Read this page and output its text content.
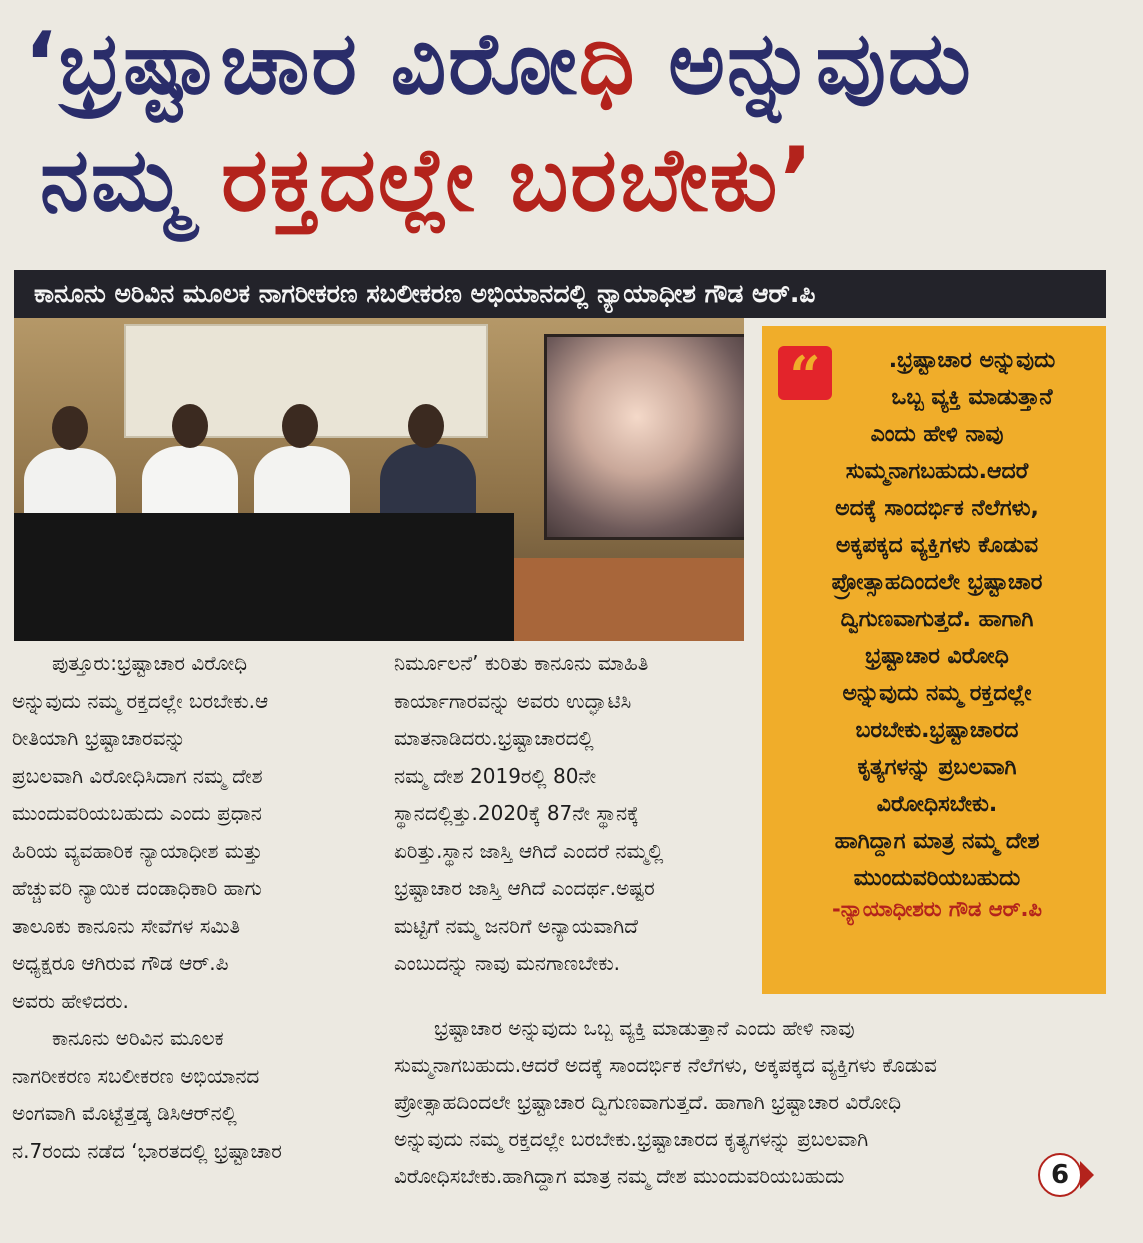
‘ಭ್ರಷ್ಟಾಚಾರ ವಿರೋಧಿ ಅನ್ನುವುದು
ನಮ್ಮ ರಕ್ತದಲ್ಲೇ ಬರಬೇಕು’
ಕಾನೂನು ಅರಿವಿನ ಮೂಲಕ ನಾಗರೀಕರಣ ಸಬಲೀಕರಣ ಅಭಿಯಾನದಲ್ಲಿ ನ್ಯಾಯಾಧೀಶ ಗೌಡ ಆರ್.ಪಿ
“	.ಭ್ರಷ್ಟಾಚಾರ ಅನ್ನುವುದು
ಒಬ್ಬ ವ್ಯಕ್ತಿ ಮಾಡುತ್ತಾನೆ
ಎಂದು ಹೇಳಿ ನಾವು
ಸುಮ್ಮನಾಗಬಹುದು.ಆದರೆ
ಅದಕ್ಕೆ ಸಾಂದರ್ಭಿಕ ನೆಲೆಗಳು,
ಅಕ್ಕಪಕ್ಕದ ವ್ಯಕ್ತಿಗಳು ಕೊಡುವ
ಪ್ರೋತ್ಸಾಹದಿಂದಲೇ ಭ್ರಷ್ಟಾಚಾರ
ದ್ವಿಗುಣವಾಗುತ್ತದೆ. ಹಾಗಾಗಿ
ಭ್ರಷ್ಟಾಚಾರ ವಿರೋಧಿ
ಅನ್ನುವುದು ನಮ್ಮ ರಕ್ತದಲ್ಲೇ
ಬರಬೇಕು.ಭ್ರಷ್ಟಾಚಾರದ
ಕೃತ್ಯಗಳನ್ನು ಪ್ರಬಲವಾಗಿ
ವಿರೋಧಿಸಬೇಕು.
ಹಾಗಿದ್ದಾಗ ಮಾತ್ರ ನಮ್ಮ ದೇಶ
ಮುಂದುವರಿಯಬಹುದು
-ನ್ಯಾಯಾಧೀಶರು ಗೌಡ ಆರ್.ಪಿ
ಪುತ್ತೂರು:ಭ್ರಷ್ಟಾಚಾರ ವಿರೋಧಿ
ಅನ್ನುವುದು ನಮ್ಮ ರಕ್ತದಲ್ಲೇ ಬರಬೇಕು.ಆ
ರೀತಿಯಾಗಿ ಭ್ರಷ್ಟಾಚಾರವನ್ನು
ಪ್ರಬಲವಾಗಿ ವಿರೋಧಿಸಿದಾಗ ನಮ್ಮ ದೇಶ
ಮುಂದುವರಿಯಬಹುದು ಎಂದು ಪ್ರಧಾನ
ಹಿರಿಯ ವ್ಯವಹಾರಿಕ ನ್ಯಾಯಾಧೀಶ ಮತ್ತು
ಹೆಚ್ಚುವರಿ ನ್ಯಾಯಿಕ ದಂಡಾಧಿಕಾರಿ ಹಾಗು
ತಾಲೂಕು ಕಾನೂನು ಸೇವೆಗಳ ಸಮಿತಿ
ಅಧ್ಯಕ್ಷರೂ ಆಗಿರುವ ಗೌಡ ಆರ್.ಪಿ
ಅವರು ಹೇಳಿದರು.
ಕಾನೂನು ಅರಿವಿನ ಮೂಲಕ
ನಾಗರೀಕರಣ ಸಬಲೀಕರಣ ಅಭಿಯಾನದ
ಅಂಗವಾಗಿ ಮೊಟ್ಟೆತ್ತಡ್ಕ ಡಿಸಿಆರ್‌ನಲ್ಲಿ
ನ.7ರಂದು ನಡೆದ ‘ಭಾರತದಲ್ಲಿ ಭ್ರಷ್ಟಾಚಾರ
ನಿರ್ಮೂಲನೆ’ ಕುರಿತು ಕಾನೂನು ಮಾಹಿತಿ
ಕಾರ್ಯಾಗಾರವನ್ನು ಅವರು ಉದ್ಘಾಟಿಸಿ
ಮಾತನಾಡಿದರು.ಭ್ರಷ್ಟಾಚಾರದಲ್ಲಿ
ನಮ್ಮ ದೇಶ 2019ರಲ್ಲಿ 80ನೇ
ಸ್ಥಾನದಲ್ಲಿತ್ತು.2020ಕ್ಕೆ 87ನೇ ಸ್ಥಾನಕ್ಕೆ
ಏರಿತ್ತು.ಸ್ಥಾನ ಜಾಸ್ತಿ ಆಗಿದೆ ಎಂದರೆ ನಮ್ಮಲ್ಲಿ
ಭ್ರಷ್ಟಾಚಾರ ಜಾಸ್ತಿ ಆಗಿದೆ ಎಂದರ್ಥ.ಅಷ್ಟರ
ಮಟ್ಟಿಗೆ ನಮ್ಮ ಜನರಿಗೆ ಅನ್ಯಾಯವಾಗಿದೆ
ಎಂಬುದನ್ನು ನಾವು ಮನಗಾಣಬೇಕು.
ಭ್ರಷ್ಟಾಚಾರ ಅನ್ನುವುದು ಒಬ್ಬ ವ್ಯಕ್ತಿ ಮಾಡುತ್ತಾನೆ ಎಂದು ಹೇಳಿ ನಾವು
ಸುಮ್ಮನಾಗಬಹುದು.ಆದರೆ ಅದಕ್ಕೆ ಸಾಂದರ್ಭಿಕ ನೆಲೆಗಳು, ಅಕ್ಕಪಕ್ಕದ ವ್ಯಕ್ತಿಗಳು ಕೊಡುವ
ಪ್ರೋತ್ಸಾಹದಿಂದಲೇ ಭ್ರಷ್ಟಾಚಾರ ದ್ವಿಗುಣವಾಗುತ್ತದೆ. ಹಾಗಾಗಿ ಭ್ರಷ್ಟಾಚಾರ ವಿರೋಧಿ
ಅನ್ನುವುದು ನಮ್ಮ ರಕ್ತದಲ್ಲೇ ಬರಬೇಕು.ಭ್ರಷ್ಟಾಚಾರದ ಕೃತ್ಯಗಳನ್ನು ಪ್ರಬಲವಾಗಿ
ವಿರೋಧಿಸಬೇಕು.ಹಾಗಿದ್ದಾಗ ಮಾತ್ರ ನಮ್ಮ ದೇಶ ಮುಂದುವರಿಯಬಹುದು	6
